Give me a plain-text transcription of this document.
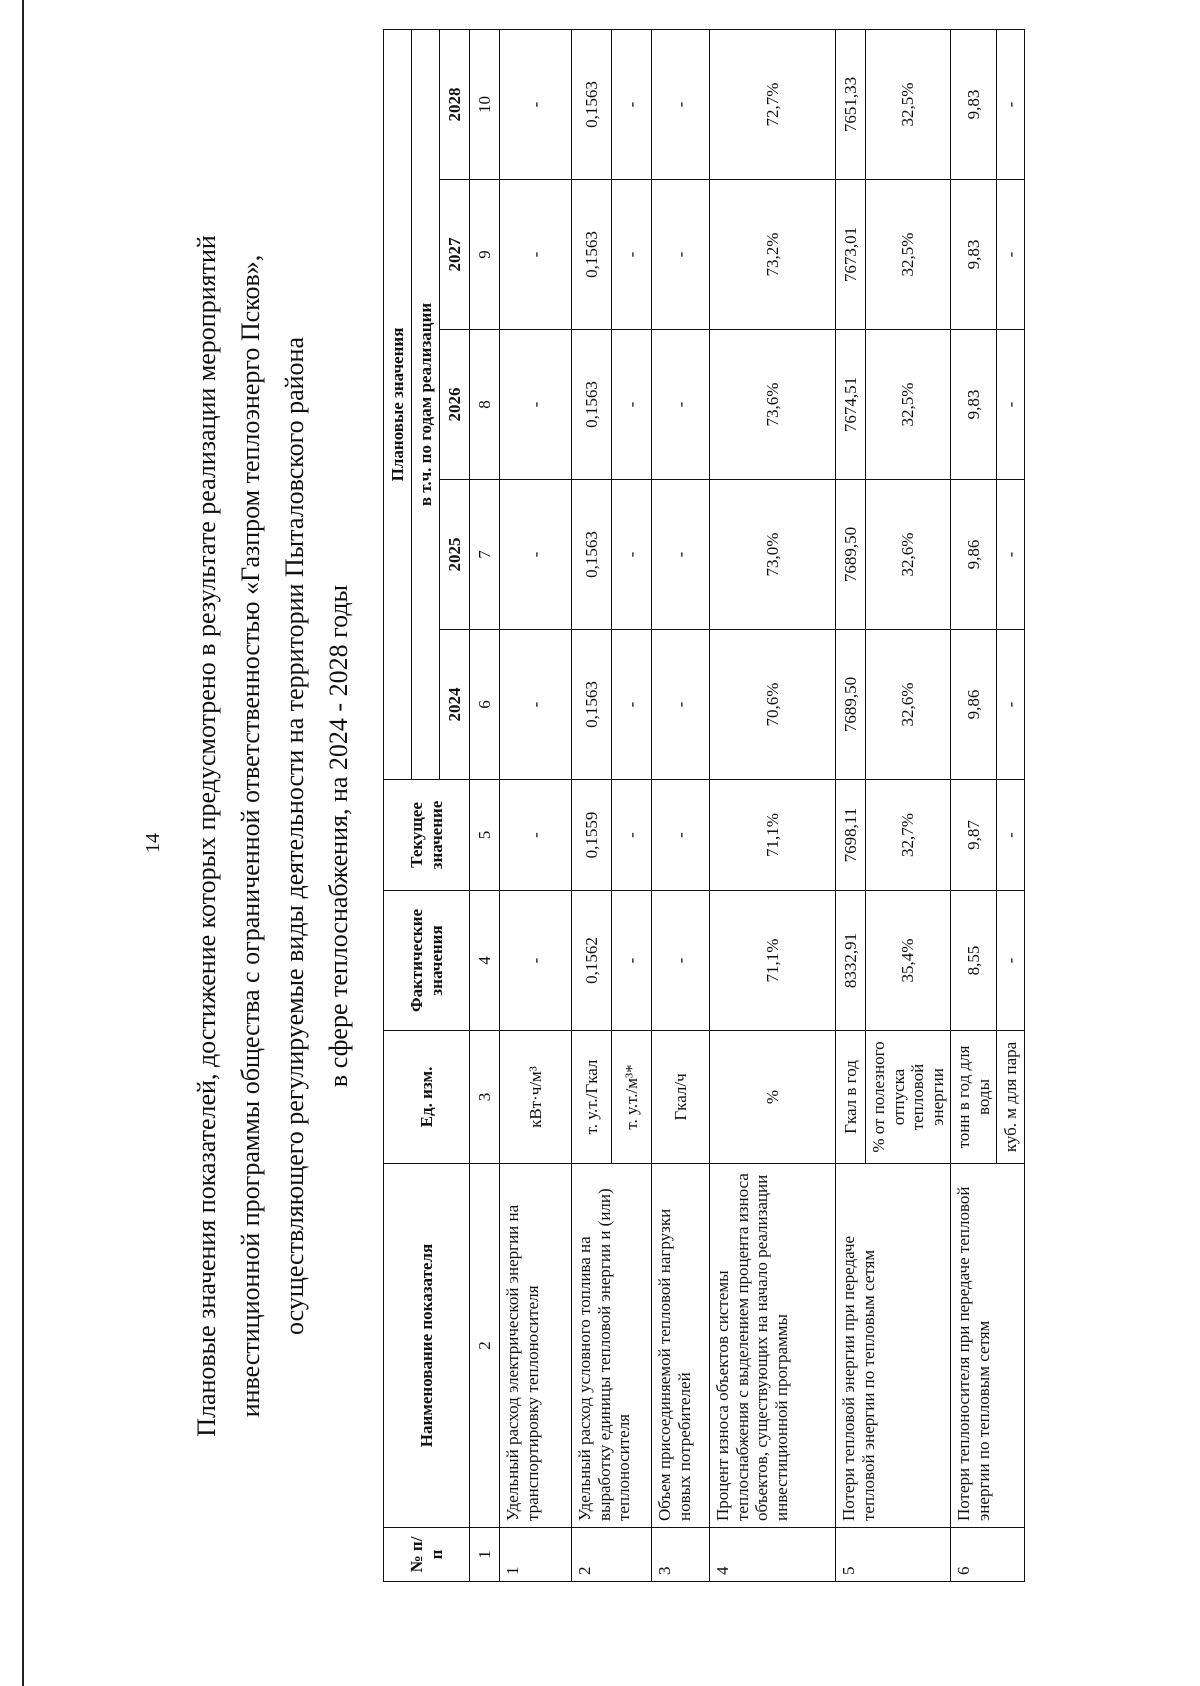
14 Плановые значения показателей, достижение которых предусмотрено в результате реализации мероприятий инвестиционной программы общества с ограниченной ответственностью «Газпром теплоэнерго Псков», осуществляющего регулируемые виды деятельности на территории Пыталовского района в сфере теплоснабжения, на 2024 - 2028 годы
№ п/п	Наименование показателя	Ед. изм.	Фактические значения	Текущее значение	Плановые значения				
					в т.ч. по годам реализации				
					2024	2025	2026	2027	2028
1	2	3	4	5	6	7	8	9	10
1	Удельный расход электрической энергии на транспортировку теплоносителя	кВт·ч/м³	-	-	-	-	-	-	-
2	Удельный расход условного топлива на выработку единицы тепловой энергии и (или) теплоносителя	т. у.т./Гкал	0,1562	0,1559	0,1563	0,1563	0,1563	0,1563	0,1563
		т. у.т./м³*	-	-	-	-	-	-	-
3	Объем присоединяемой тепловой нагрузки новых потребителей	Гкал/ч	-	-	-	-	-	-	-
4	Процент износа объектов системы теплоснабжения с выделением процента износа объектов, существующих на начало реализации инвестиционной программы	%	71,1%	71,1%	70,6%	73,0%	73,6%	73,2%	72,7%
5	Потери тепловой энергии при передаче тепловой энергии по тепловым сетям	Гкал в год	8332,91	7698,11	7689,50	7689,50	7674,51	7673,01	7651,33
		% от полезного отпуска тепловой энергии	35,4%	32,7%	32,6%	32,6%	32,5%	32,5%	32,5%
6	Потери теплоносителя при передаче тепловой энергии по тепловым сетям	тонн в год для воды	8,55	9,87	9,86	9,86	9,83	9,83	9,83
		куб. м для пара	-	-	-	-	-	-	-
